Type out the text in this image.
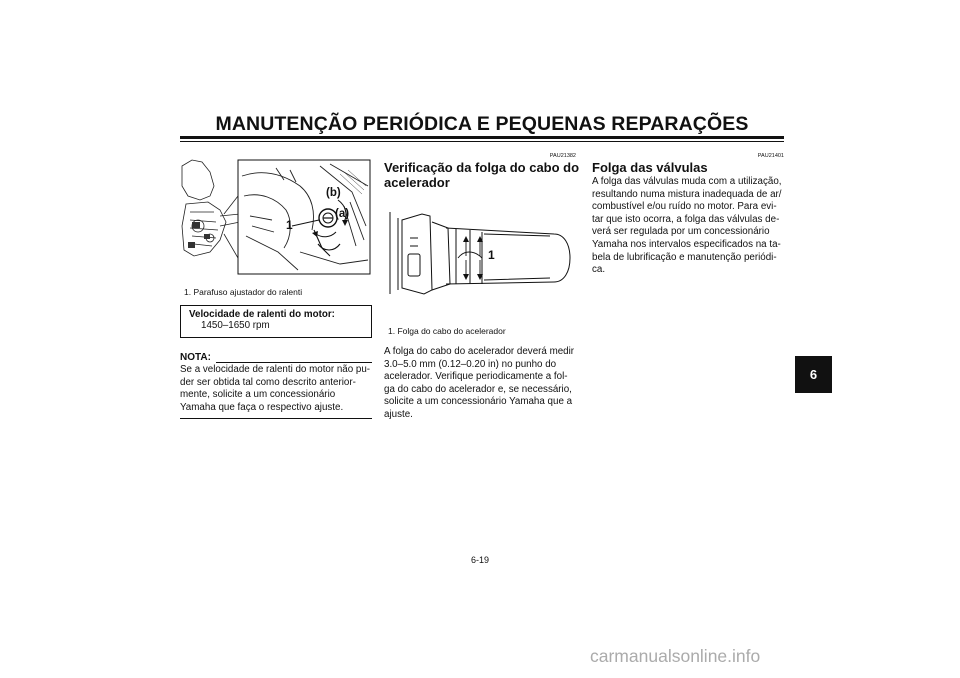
MANUTENÇÃO PERIÓDICA E PEQUENAS REPARAÇÕES
1
(a)
(b)
1. Parafuso ajustador do ralenti
Velocidade de ralenti do motor:
1450–1650 rpm
NOTA:
Se a velocidade de ralenti do motor não pu-
der ser obtida tal como descrito anterior-
mente, solicite a um concessionário
Yamaha que faça o respectivo ajuste.
PAU21382
Verificação da folga do cabo do
acelerador
1
1. Folga do cabo do acelerador
A folga do cabo do acelerador deverá medir
3.0–5.0 mm (0.12–0.20 in) no punho do
acelerador. Verifique periodicamente a fol-
ga do cabo do acelerador e, se necessário,
solicite a um concessionário Yamaha que a
ajuste.
PAU21401
Folga das válvulas
A folga das válvulas muda com a utilização,
resultando numa mistura inadequada de ar/
combustível e/ou ruído no motor. Para evi-
tar que isto ocorra, a folga das válvulas de-
verá ser regulada por um concessionário
Yamaha nos intervalos especificados na ta-
bela de lubrificação e manutenção periódi-
ca.
6
6-19
carmanualsonline.info
